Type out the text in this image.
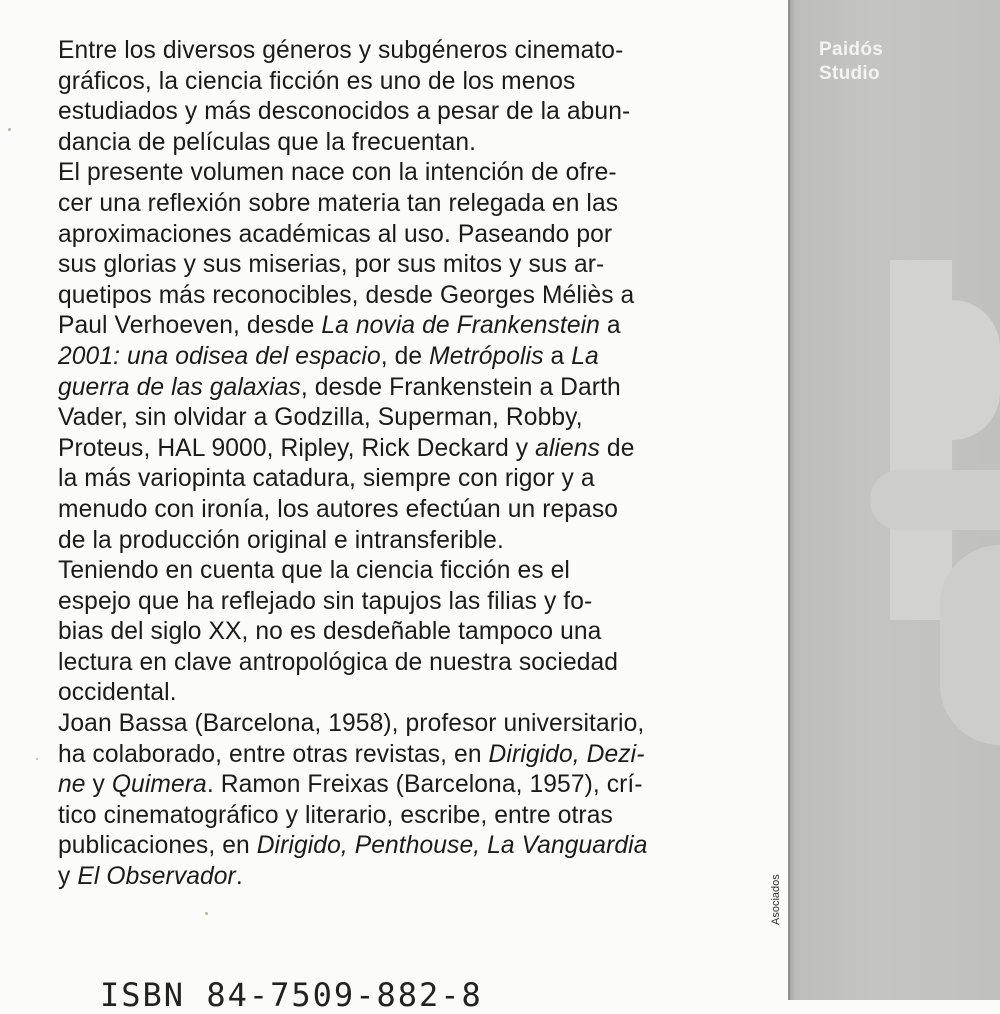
Entre los diversos géneros y subgéneros cinemato-
gráficos, la ciencia ficción es uno de los menos
estudiados y más desconocidos a pesar de la abun-
dancia de películas que la frecuentan.
El presente volumen nace con la intención de ofre-
cer una reflexión sobre materia tan relegada en las
aproximaciones académicas al uso. Paseando por
sus glorias y sus miserias, por sus mitos y sus ar-
quetipos más reconocibles, desde Georges Méliès a
Paul Verhoeven, desde La novia de Frankenstein a
2001: una odisea del espacio, de Metrópolis a La
guerra de las galaxias, desde Frankenstein a Darth
Vader, sin olvidar a Godzilla, Superman, Robby,
Proteus, HAL 9000, Ripley, Rick Deckard y aliens de
la más variopinta catadura, siempre con rigor y a
menudo con ironía, los autores efectúan un repaso
de la producción original e intransferible.
Teniendo en cuenta que la ciencia ficción es el
espejo que ha reflejado sin tapujos las filias y fo-
bias del siglo XX, no es desdeñable tampoco una
lectura en clave antropológica de nuestra sociedad
occidental.
Joan Bassa (Barcelona, 1958), profesor universitario,
ha colaborado, entre otras revistas, en Dirigido, Dezi-
ne y Quimera. Ramon Freixas (Barcelona, 1957), crí-
tico cinematográfico y literario, escribe, entre otras
publicaciones, en Dirigido, Penthouse, La Vanguardia
y El Observador.
ISBN 84-7509-882-8
Paidós
Studio
Asociados
